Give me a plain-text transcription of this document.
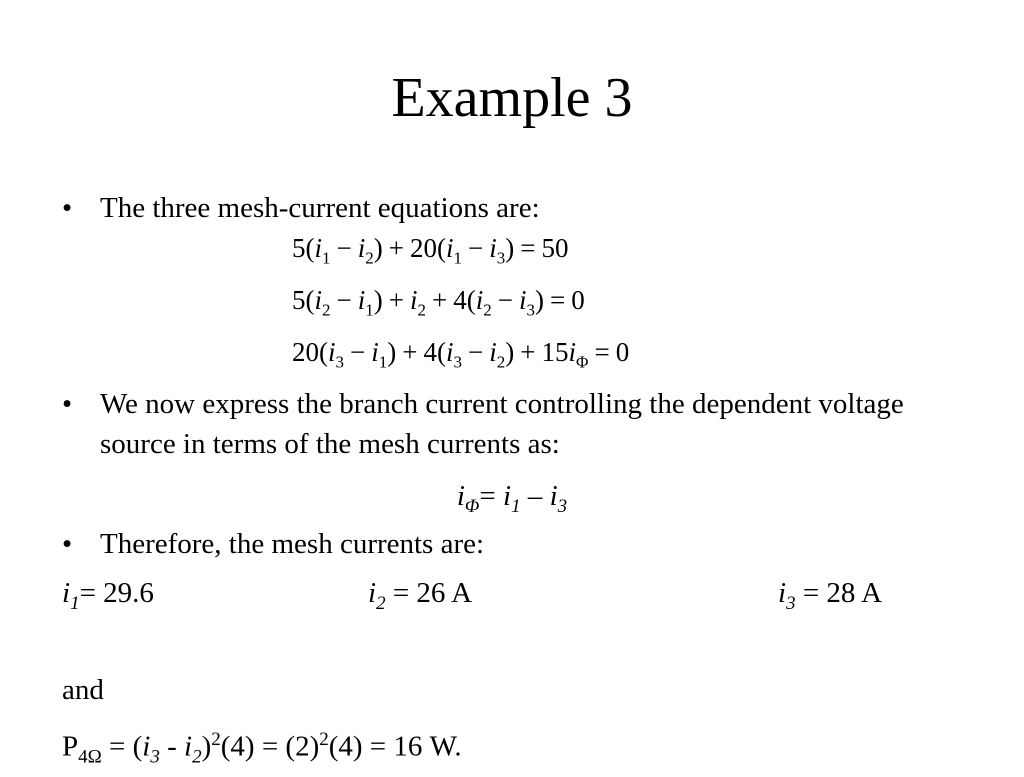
Example 3
• The three mesh-current equations are:
$5(i_1 - i_2) + 20(i_1 - i_3) = 50$
$5(i_2 - i_1) + i_2 + 4(i_2 - i_3) = 0$
$20(i_3 - i_1) + 4(i_3 - i_2) + 15i_\Phi = 0$
• We now express the branch current controlling the dependent voltage source in terms of the mesh currents as:
$i_\Phi= i_1 - i_3$
• Therefore, the mesh currents are:
$i_1= 29.6$	$i_2 = 26$ A	$i_3 = 28$ A
and
$P_{4\Omega} = (i_3 - i_2)^2(4) = (2)^2(4) = 16$ W.
